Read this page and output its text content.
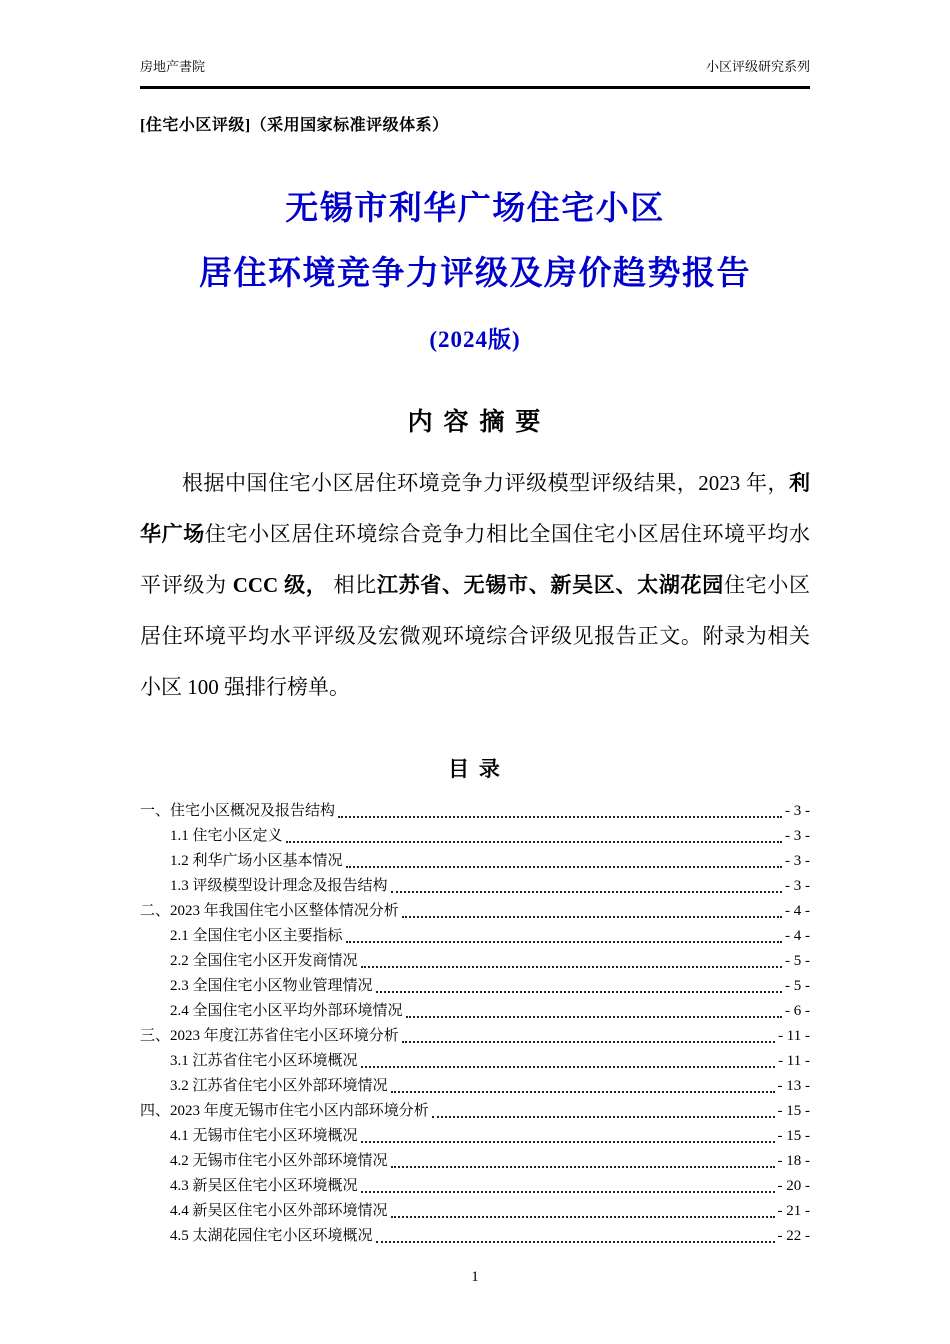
房地产書院	小区评级研究系列
[住宅小区评级]（采用国家标准评级体系）
无锡市利华广场住宅小区
居住环境竞争力评级及房价趋势报告
(2024版)
内 容 摘 要

根据中国住宅小区居住环境竞争力评级模型评级结果，2023 年，利华广场住宅小区居住环境综合竞争力相比全国住宅小区居住环境平均水平评级为 CCC 级， 相比江苏省、无锡市、新吴区、太湖花园住宅小区居住环境平均水平评级及宏微观环境综合评级见报告正文。附录为相关小区 100 强排行榜单。

目 录
一、住宅小区概况及报告结构	- 3 -
1.1 住宅小区定义	- 3 -
1.2 利华广场小区基本情况	- 3 -
1.3 评级模型设计理念及报告结构	- 3 -
二、2023 年我国住宅小区整体情况分析	- 4 -
2.1 全国住宅小区主要指标	- 4 -
2.2 全国住宅小区开发商情况	- 5 -
2.3 全国住宅小区物业管理情况	- 5 -
2.4 全国住宅小区平均外部环境情况	- 6 -
三、2023 年度江苏省住宅小区环境分析	- 11 -
3.1 江苏省住宅小区环境概况	- 11 -
3.2 江苏省住宅小区外部环境情况	- 13 -
四、2023 年度无锡市住宅小区内部环境分析	- 15 -
4.1 无锡市住宅小区环境概况	- 15 -
4.2 无锡市住宅小区外部环境情况	- 18 -
4.3 新吴区住宅小区环境概况	- 20 -
4.4 新吴区住宅小区外部环境情况	- 21 -
4.5 太湖花园住宅小区环境概况	- 22 -
1
